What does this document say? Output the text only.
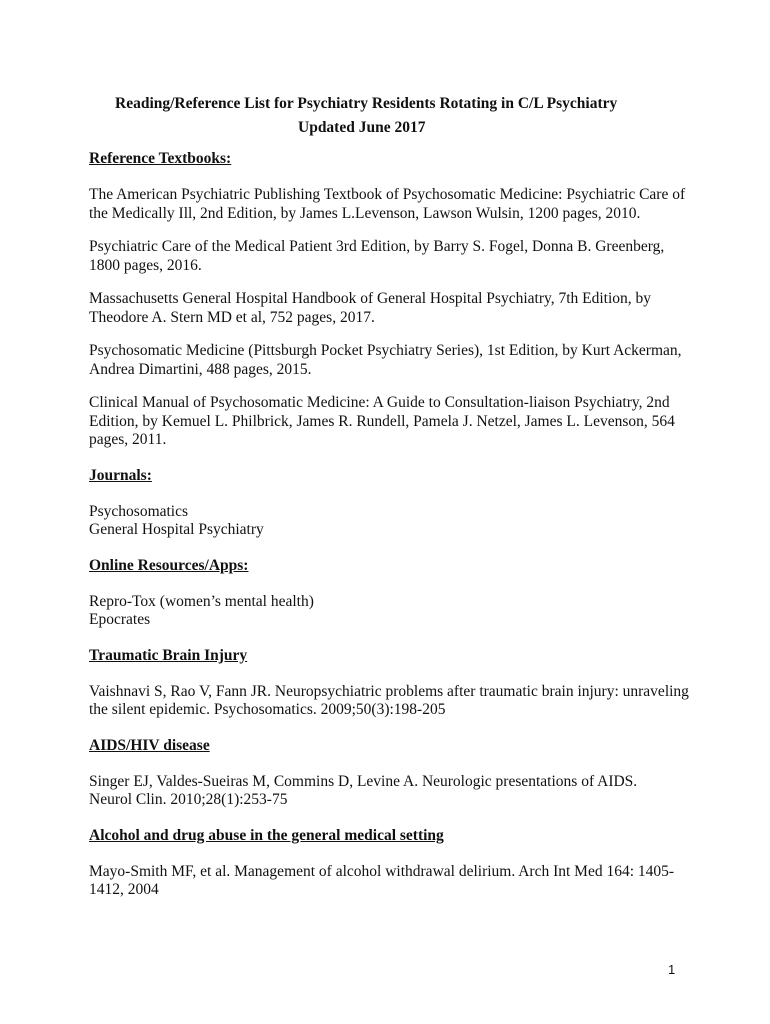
Reading/Reference List for Psychiatry Residents Rotating in C/L Psychiatry
Updated June 2017
Reference Textbooks:

The American Psychiatric Publishing Textbook of Psychosomatic Medicine: Psychiatric Care of the Medically Ill, 2nd Edition, by James L.Levenson, Lawson Wulsin, 1200 pages, 2010.

Psychiatric Care of the Medical Patient 3rd Edition, by Barry S. Fogel, Donna B. Greenberg, 1800 pages, 2016.

Massachusetts General Hospital Handbook of General Hospital Psychiatry, 7th Edition, by Theodore A. Stern MD et al, 752 pages, 2017.

Psychosomatic Medicine (Pittsburgh Pocket Psychiatry Series), 1st Edition, by Kurt Ackerman, Andrea Dimartini, 488 pages, 2015.

Clinical Manual of Psychosomatic Medicine: A Guide to Consultation-liaison Psychiatry, 2nd Edition, by Kemuel L. Philbrick, James R. Rundell, Pamela J. Netzel, James L. Levenson, 564 pages, 2011.

Journals:

Psychosomatics

General Hospital Psychiatry

Online Resources/Apps:

Repro-Tox (women’s mental health)

Epocrates

Traumatic Brain Injury

Vaishnavi S, Rao V, Fann JR. Neuropsychiatric problems after traumatic brain injury: unraveling the silent epidemic. Psychosomatics. 2009;50(3):198-205

AIDS/HIV disease

Singer EJ, Valdes-Sueiras M, Commins D, Levine A. Neurologic presentations of AIDS.

Neurol Clin. 2010;28(1):253-75

Alcohol and drug abuse in the general medical setting

Mayo-Smith MF, et al. Management of alcohol withdrawal delirium. Arch Int Med 164: 1405-1412, 2004

1
